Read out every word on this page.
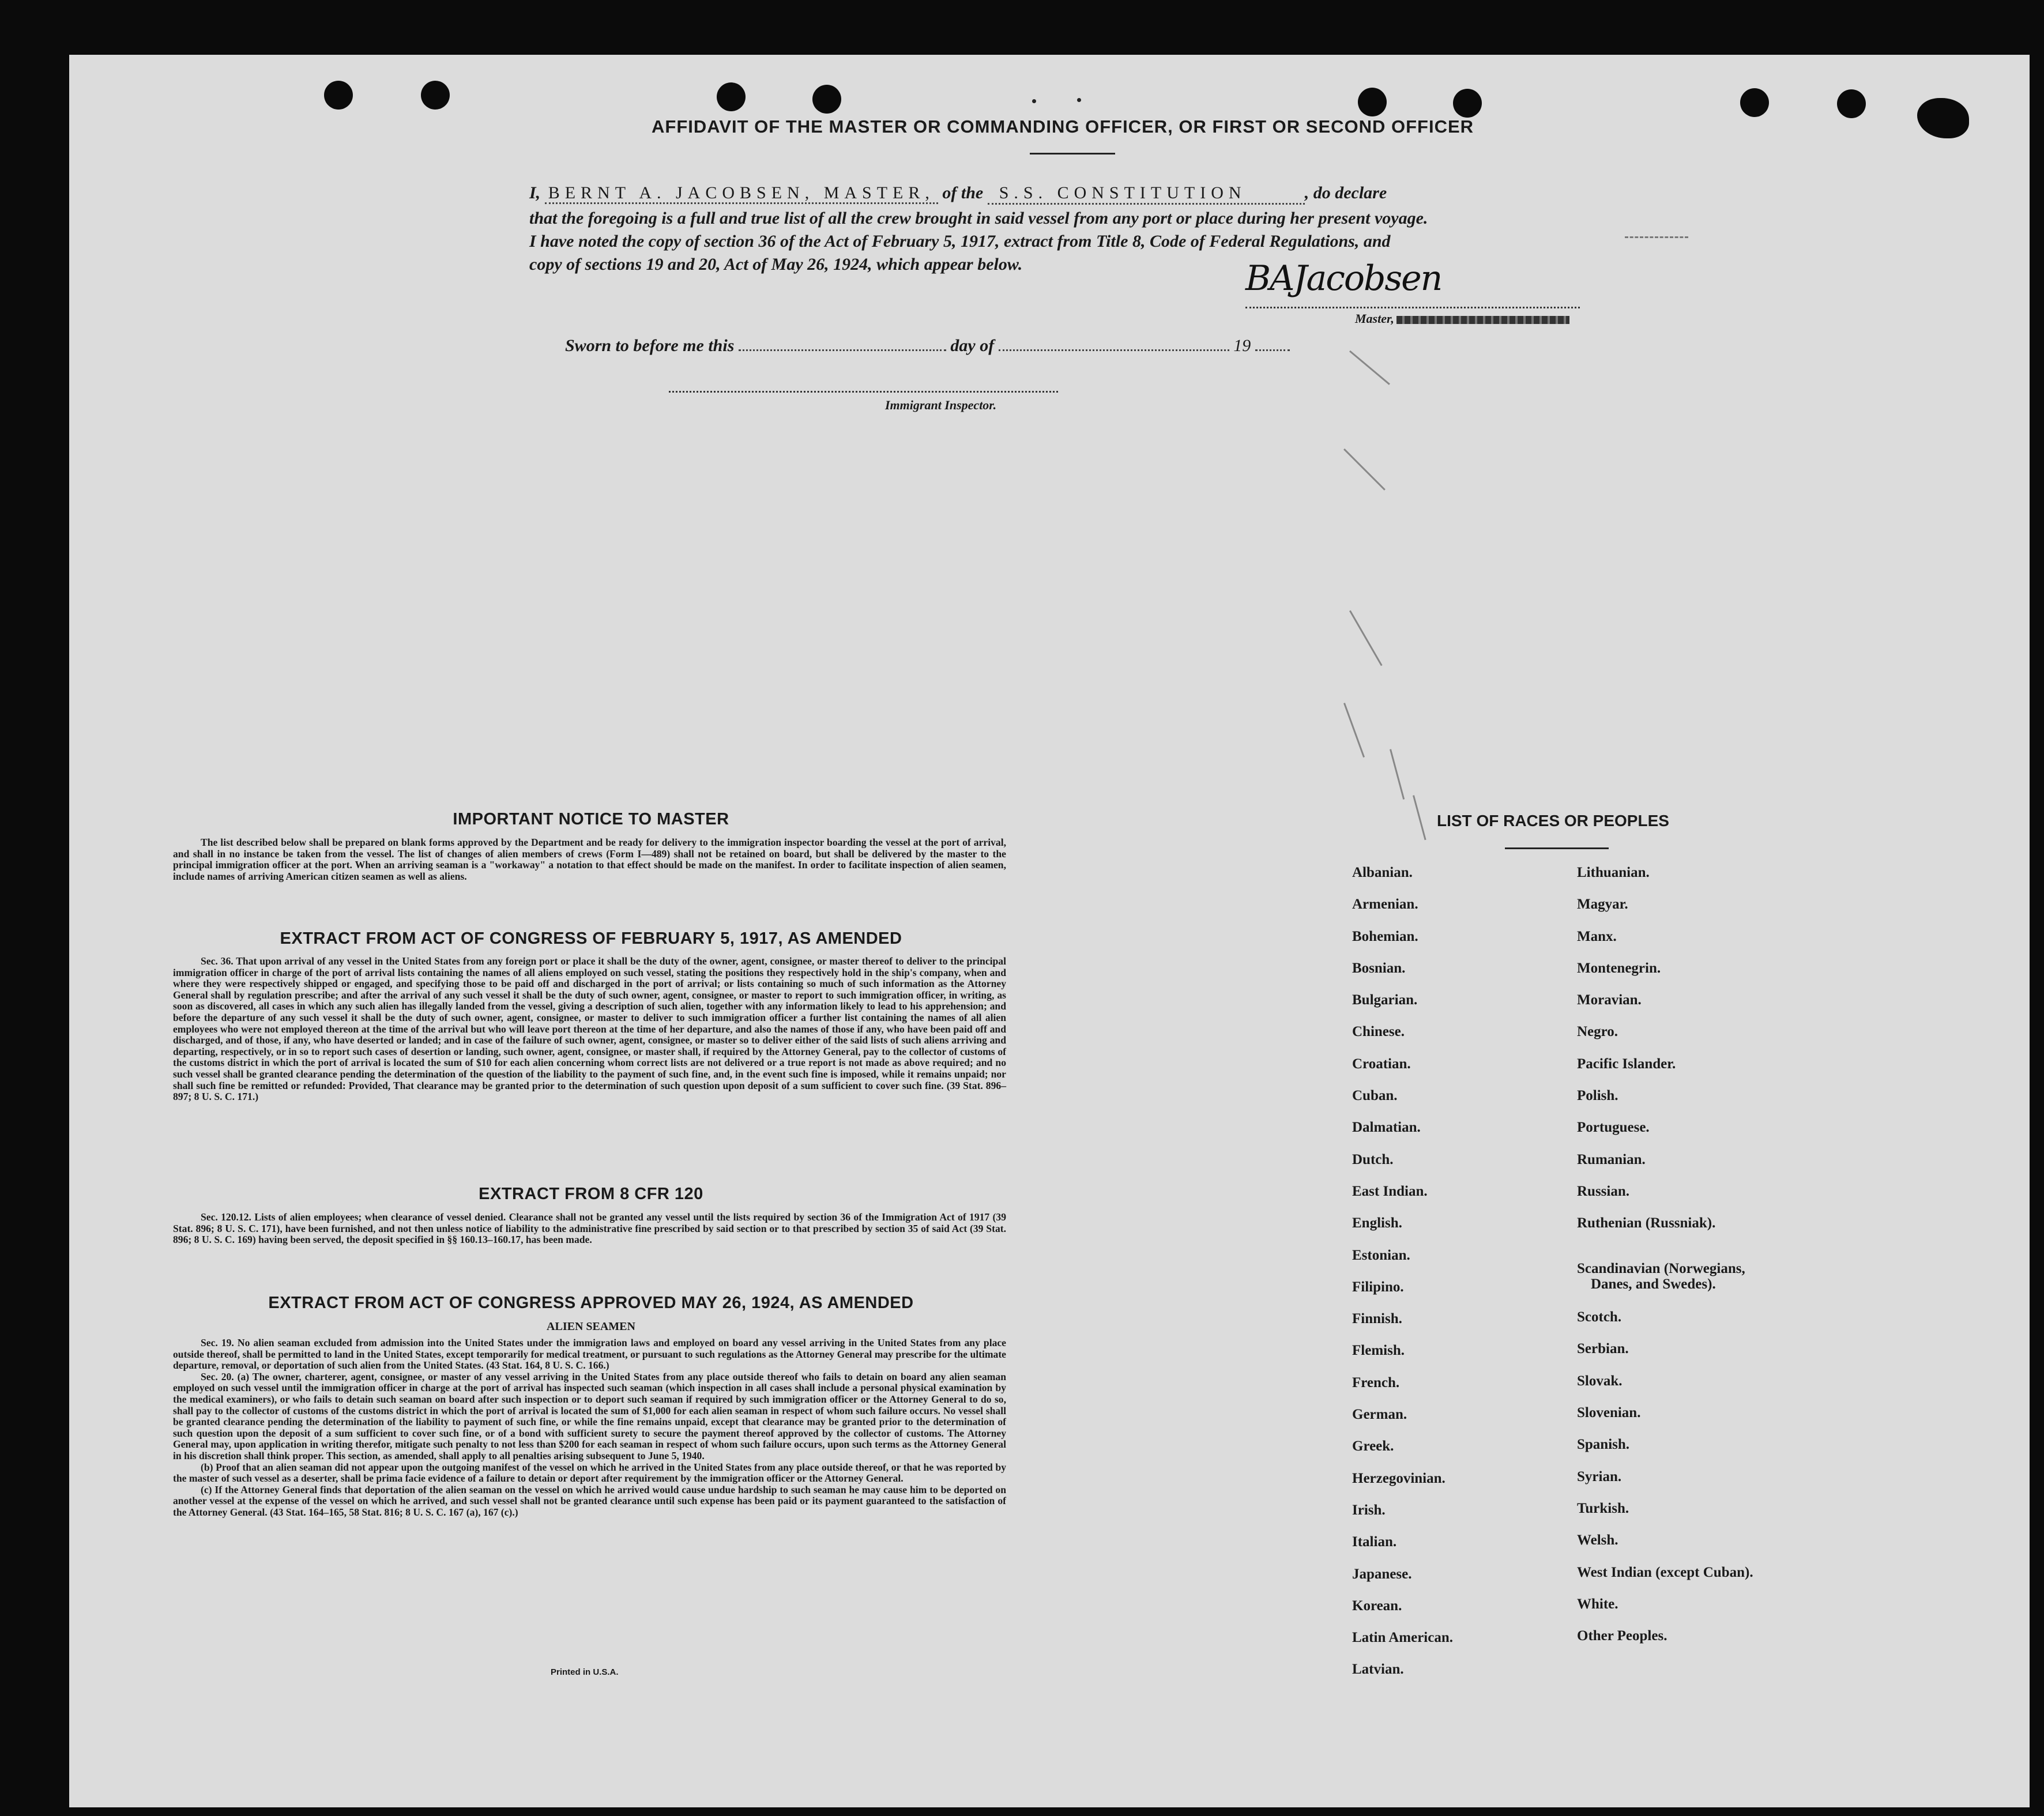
AFFIDAVIT OF THE MASTER OR COMMANDING OFFICER, OR FIRST OR SECOND OFFICER
I, BERNT A. JACOBSEN, MASTER, of the S.S. CONSTITUTION	, do declare
that the foregoing is a full and true list of all the crew brought in said vessel from any port or place during her present voyage.
I have noted the copy of section 36 of the Act of February 5, 1917, extract from Title 8, Code of Federal Regulations, and
copy of sections 19 and 20, Act of May 26, 1924, which appear below.	BAJacobsen
Master,
Sworn to before me this	day of	19
Immigrant Inspector.
IMPORTANT NOTICE TO MASTER

The list described below shall be prepared on blank forms approved by the Department and be ready for delivery to the immigration inspector boarding the vessel at the port of arrival, and shall in no instance be taken from the vessel. The list of changes of alien members of crews (Form I—489) shall not be retained on board, but shall be delivered by the master to the principal immigration officer at the port. When an arriving seaman is a "workaway" a notation to that effect should be made on the manifest. In order to facilitate inspection of alien seamen, include names of arriving American citizen seamen as well as aliens.

EXTRACT FROM ACT OF CONGRESS OF FEBRUARY 5, 1917, AS AMENDED

Sec. 36. That upon arrival of any vessel in the United States from any foreign port or place it shall be the duty of the owner, agent, consignee, or master thereof to deliver to the principal immigration officer in charge of the port of arrival lists containing the names of all aliens employed on such vessel, stating the positions they respectively hold in the ship's company, when and where they were respectively shipped or engaged, and specifying those to be paid off and discharged in the port of arrival; or lists containing so much of such information as the Attorney General shall by regulation prescribe; and after the arrival of any such vessel it shall be the duty of such owner, agent, consignee, or master to report to such immigration officer, in writing, as soon as discovered, all cases in which any such alien has illegally landed from the vessel, giving a description of such alien, together with any information likely to lead to his apprehension; and before the departure of any such vessel it shall be the duty of such owner, agent, consignee, or master to deliver to such immigration officer a further list containing the names of all alien employees who were not employed thereon at the time of the arrival but who will leave port thereon at the time of her departure, and also the names of those if any, who have been paid off and discharged, and of those, if any, who have deserted or landed; and in case of the failure of such owner, agent, consignee, or master so to deliver either of the said lists of such aliens arriving and departing, respectively, or in so to report such cases of desertion or landing, such owner, agent, consignee, or master shall, if required by the Attorney General, pay to the collector of customs of the customs district in which the port of arrival is located the sum of $10 for each alien concerning whom correct lists are not delivered or a true report is not made as above required; and no such vessel shall be granted clearance pending the determination of the question of the liability to the payment of such fine, and, in the event such fine is imposed, while it remains unpaid; nor shall such fine be remitted or refunded: Provided, That clearance may be granted prior to the determination of such question upon deposit of a sum sufficient to cover such fine. (39 Stat. 896–897; 8 U. S. C. 171.)

EXTRACT FROM 8 CFR 120

Sec. 120.12. Lists of alien employees; when clearance of vessel denied. Clearance shall not be granted any vessel until the lists required by section 36 of the Immigration Act of 1917 (39 Stat. 896; 8 U. S. C. 171), have been furnished, and not then unless notice of liability to the administrative fine prescribed by said section or to that prescribed by section 35 of said Act (39 Stat. 896; 8 U. S. C. 169) having been served, the deposit specified in §§ 160.13–160.17, has been made.

EXTRACT FROM ACT OF CONGRESS APPROVED MAY 26, 1924, AS AMENDED
ALIEN SEAMEN

Sec. 19. No alien seaman excluded from admission into the United States under the immigration laws and employed on board any vessel arriving in the United States from any place outside thereof, shall be permitted to land in the United States, except temporarily for medical treatment, or pursuant to such regulations as the Attorney General may prescribe for the ultimate departure, removal, or deportation of such alien from the United States. (43 Stat. 164, 8 U. S. C. 166.)

Sec. 20. (a) The owner, charterer, agent, consignee, or master of any vessel arriving in the United States from any place outside thereof who fails to detain on board any alien seaman employed on such vessel until the immigration officer in charge at the port of arrival has inspected such seaman (which inspection in all cases shall include a personal physical examination by the medical examiners), or who fails to detain such seaman on board after such inspection or to deport such seaman if required by such immigration officer or the Attorney General to do so, shall pay to the collector of customs of the customs district in which the port of arrival is located the sum of $1,000 for each alien seaman in respect of whom such failure occurs. No vessel shall be granted clearance pending the determination of the liability to payment of such fine, or while the fine remains unpaid, except that clearance may be granted prior to the determination of such question upon the deposit of a sum sufficient to cover such fine, or of a bond with sufficient surety to secure the payment thereof approved by the collector of customs. The Attorney General may, upon application in writing therefor, mitigate such penalty to not less than $200 for each seaman in respect of whom such failure occurs, upon such terms as the Attorney General in his discretion shall think proper. This section, as amended, shall apply to all penalties arising subsequent to June 5, 1940.

(b) Proof that an alien seaman did not appear upon the outgoing manifest of the vessel on which he arrived in the United States from any place outside thereof, or that he was reported by the master of such vessel as a deserter, shall be prima facie evidence of a failure to detain or deport after requirement by the immigration officer or the Attorney General.

(c) If the Attorney General finds that deportation of the alien seaman on the vessel on which he arrived would cause undue hardship to such seaman he may cause him to be deported on another vessel at the expense of the vessel on which he arrived, and such vessel shall not be granted clearance until such expense has been paid or its payment guaranteed to the satisfaction of the Attorney General. (43 Stat. 164–165, 58 Stat. 816; 8 U. S. C. 167 (a), 167 (c).)

Printed in U.S.A.
LIST OF RACES OR PEOPLES
Albanian.
Armenian.
Bohemian.
Bosnian.
Bulgarian.
Chinese.
Croatian.
Cuban.
Dalmatian.
Dutch.
East Indian.
English.
Estonian.
Filipino.
Finnish.
Flemish.
French.
German.
Greek.
Herzegovinian.
Irish.
Italian.
Japanese.
Korean.
Latin American.
Latvian.
Lithuanian.
Magyar.
Manx.
Montenegrin.
Moravian.
Negro.
Pacific Islander.
Polish.
Portuguese.
Rumanian.
Russian.
Ruthenian (Russniak).
Scandinavian (Norwegians,
Danes, and Swedes).
Scotch.
Serbian.
Slovak.
Slovenian.
Spanish.
Syrian.
Turkish.
Welsh.
West Indian (except Cuban).
White.
Other Peoples.
